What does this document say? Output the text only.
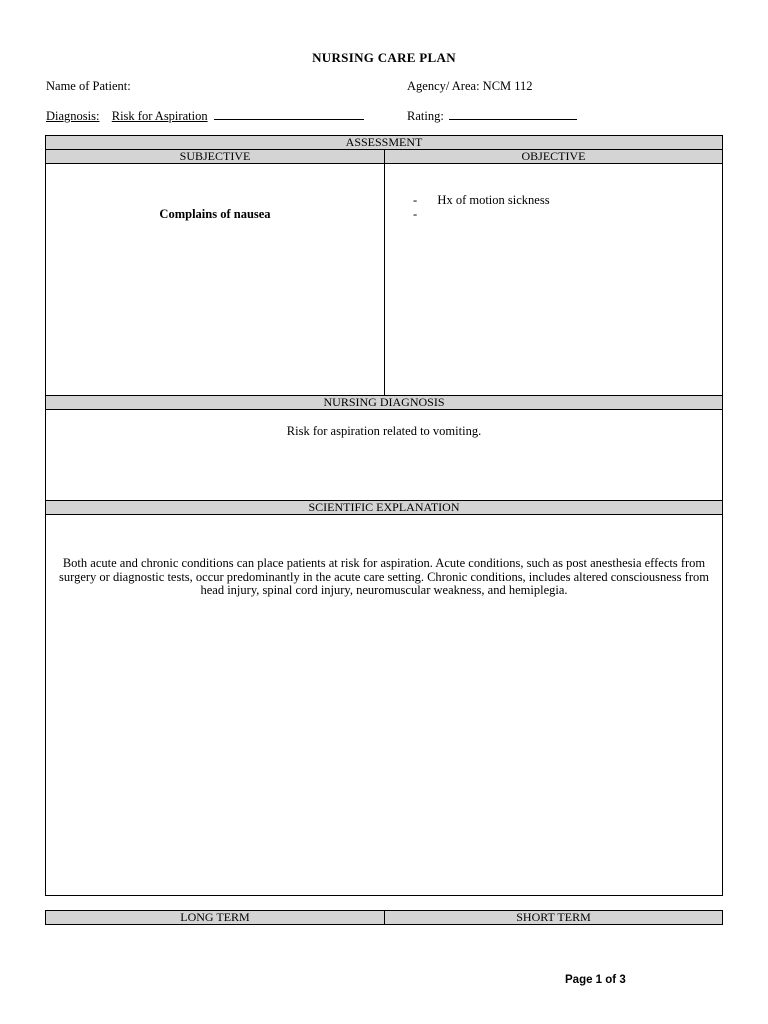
NURSING CARE PLAN
Name of Patient:	Agency/ Area: NCM 112
Diagnosis: Risk for Aspiration	Rating:
ASSESSMENT
SUBJECTIVE	OBJECTIVE
Complains of nausea
- Hx of motion sickness
-
NURSING DIAGNOSIS
Risk for aspiration related to vomiting.
SCIENTIFIC EXPLANATION
Both acute and chronic conditions can place patients at risk for aspiration. Acute conditions, such as post anesthesia effects from surgery or diagnostic tests, occur predominantly in the acute care setting. Chronic conditions, includes altered consciousness from head injury, spinal cord injury, neuromuscular weakness, and hemiplegia.
LONG TERM	SHORT TERM
Page 1 of 3
